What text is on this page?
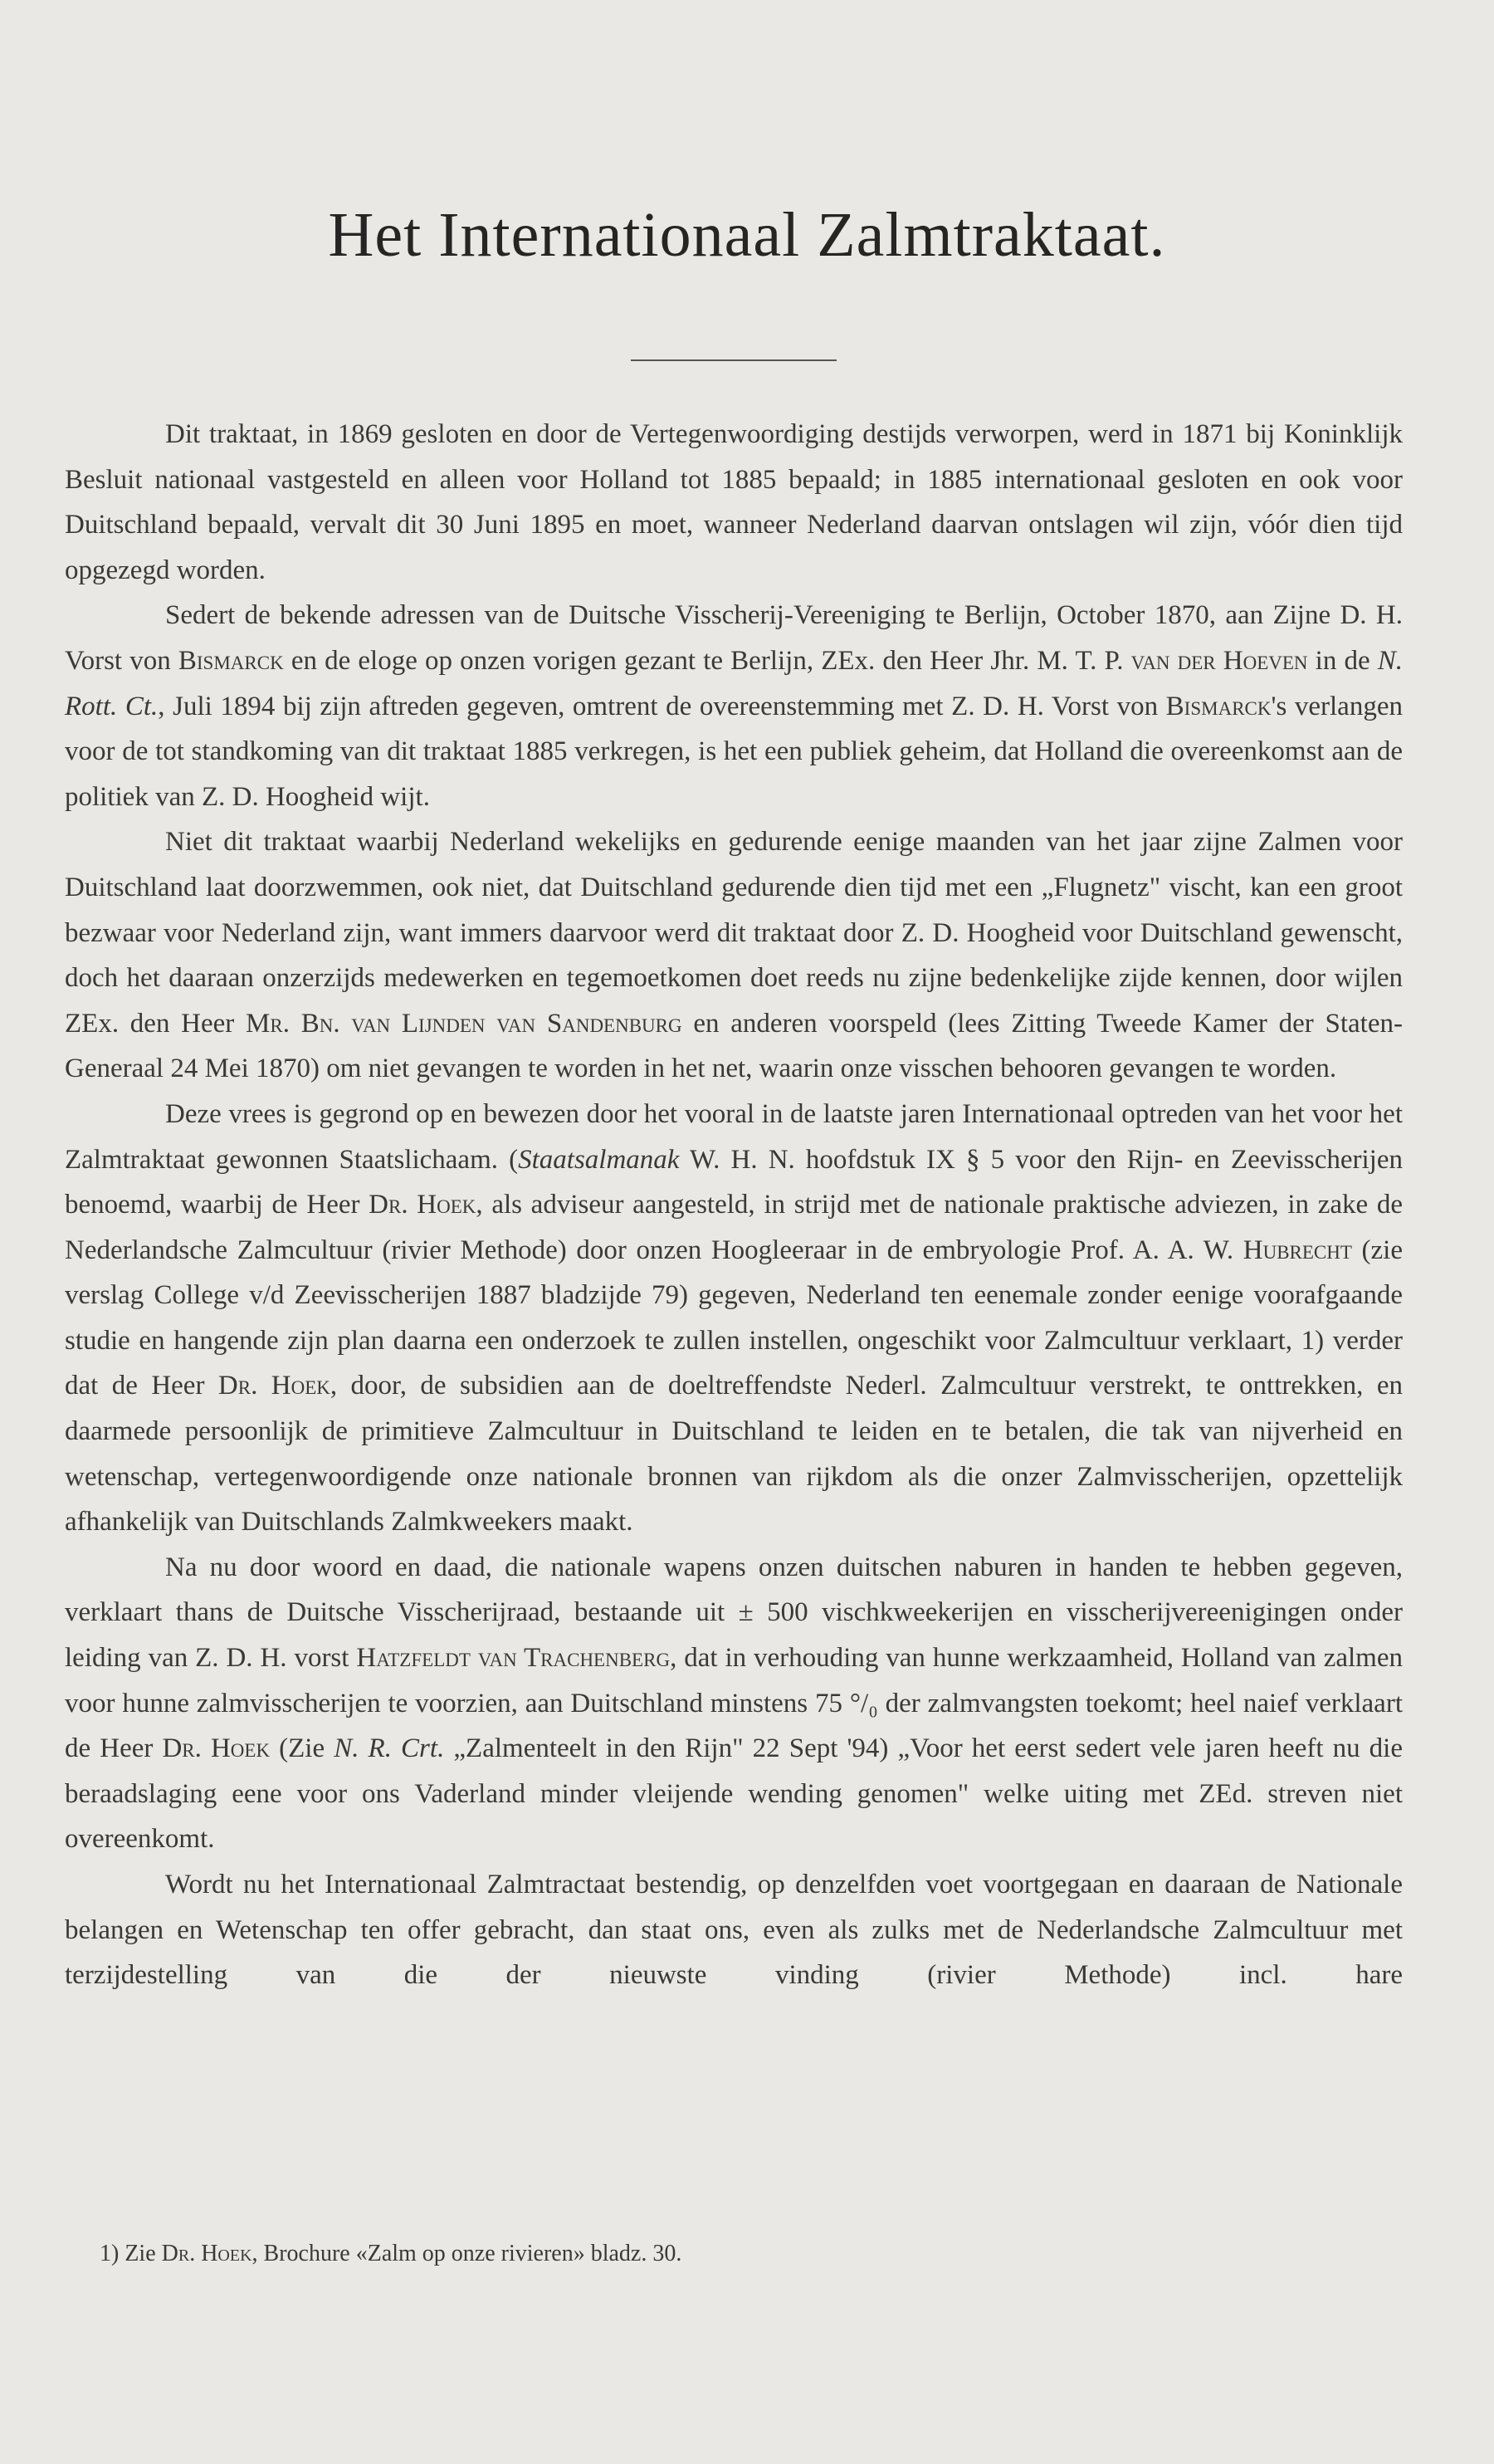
Het Internationaal Zalmtraktaat.

Dit traktaat, in 1869 gesloten en door de Vertegenwoordiging destijds verworpen, werd in 1871 bij Koninklijk Besluit nationaal vastgesteld en alleen voor Holland tot 1885 bepaald; in 1885 internationaal gesloten en ook voor Duitschland bepaald, vervalt dit 30 Juni 1895 en moet, wanneer Nederland daarvan ontslagen wil zijn, vóór dien tijd opgezegd worden.

Sedert de bekende adressen van de Duitsche Visscherij-Vereeniging te Berlijn, October 1870, aan Zijne D. H. Vorst von Bismarck en de eloge op onzen vorigen gezant te Berlijn, ZEx. den Heer Jhr. M. T. P. van der Hoeven in de N. Rott. Ct., Juli 1894 bij zijn aftreden gegeven, omtrent de overeenstemming met Z. D. H. Vorst von Bismarck's verlangen voor de tot standkoming van dit traktaat 1885 verkregen, is het een publiek geheim, dat Holland die overeenkomst aan de politiek van Z. D. Hoogheid wijt.

Niet dit traktaat waarbij Nederland wekelijks en gedurende eenige maanden van het jaar zijne Zalmen voor Duitschland laat doorzwemmen, ook niet, dat Duitschland gedurende dien tijd met een „Flugnetz" vischt, kan een groot bezwaar voor Nederland zijn, want immers daarvoor werd dit traktaat door Z. D. Hoogheid voor Duitschland gewenscht, doch het daaraan onzerzijds medewerken en tegemoetkomen doet reeds nu zijne bedenkelijke zijde kennen, door wijlen ZEx. den Heer Mr. Bn. van Lijnden van Sandenburg en anderen voorspeld (lees Zitting Tweede Kamer der Staten-Generaal 24 Mei 1870) om niet gevangen te worden in het net, waarin onze visschen behooren gevangen te worden.

Deze vrees is gegrond op en bewezen door het vooral in de laatste jaren Internationaal optreden van het voor het Zalmtraktaat gewonnen Staatslichaam. (Staatsalmanak W. H. N. hoofdstuk IX § 5 voor den Rijn- en Zeevisscherijen benoemd, waarbij de Heer Dr. Hoek, als adviseur aangesteld, in strijd met de nationale praktische adviezen, in zake de Nederlandsche Zalmcultuur (rivier Methode) door onzen Hoogleeraar in de embryologie Prof. A. A. W. Hubrecht (zie verslag College v/d Zeevisscherijen 1887 bladzijde 79) gegeven, Nederland ten eenemale zonder eenige voorafgaande studie en hangende zijn plan daarna een onderzoek te zullen instellen, ongeschikt voor Zalmcultuur verklaart, 1) verder dat de Heer Dr. Hoek, door, de subsidien aan de doeltreffendste Nederl. Zalmcultuur verstrekt, te onttrekken, en daarmede persoonlijk de primitieve Zalmcultuur in Duitschland te leiden en te betalen, die tak van nijverheid en wetenschap, vertegenwoordigende onze nationale bronnen van rijkdom als die onzer Zalmvisscherijen, opzettelijk afhankelijk van Duitschlands Zalmkweekers maakt.

Na nu door woord en daad, die nationale wapens onzen duitschen naburen in handen te hebben gegeven, verklaart thans de Duitsche Visscherijraad, bestaande uit ± 500 vischkweekerijen en visscherijvereenigingen onder leiding van Z. D. H. vorst Hatzfeldt van Trachenberg, dat in verhouding van hunne werkzaamheid, Holland van zalmen voor hunne zalmvisscherijen te voorzien, aan Duitschland minstens 75 °/₀ der zalmvangsten toekomt; heel naief verklaart de Heer Dr. Hoek (Zie N. R. Crt. „Zalmenteelt in den Rijn" 22 Sept '94) „Voor het eerst sedert vele jaren heeft nu die beraadslaging eene voor ons Vaderland minder vleijende wending genomen" welke uiting met ZEd. streven niet overeenkomt.

Wordt nu het Internationaal Zalmtractaat bestendig, op denzelfden voet voortgegaan en daaraan de Nationale belangen en Wetenschap ten offer gebracht, dan staat ons, even als zulks met de Nederlandsche Zalmcultuur met terzijdestelling van die der nieuwste vinding (rivier Methode) incl. hare

1) Zie Dr. Hoek, Brochure «Zalm op onze rivieren» bladz. 30.
